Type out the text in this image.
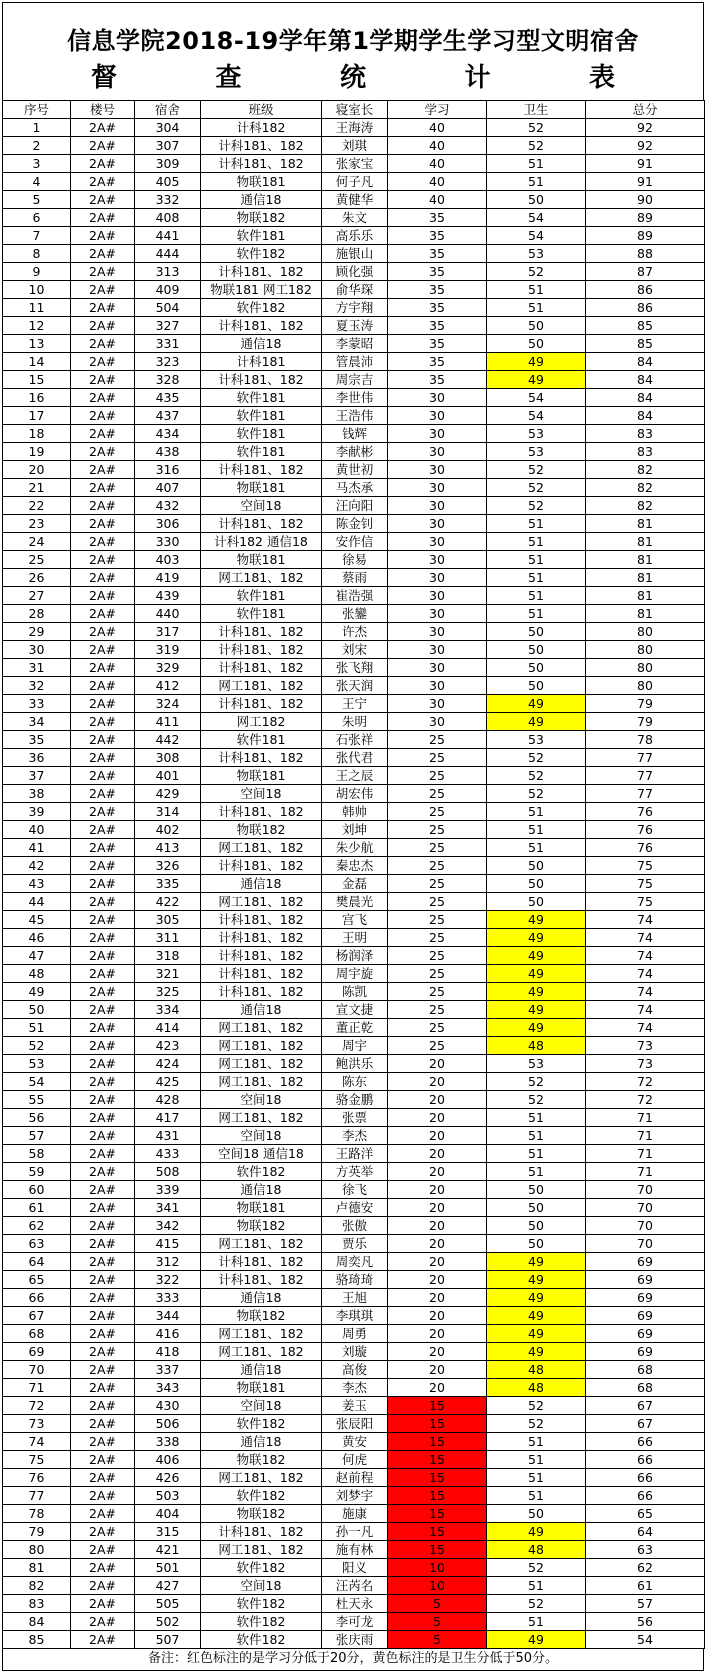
信息学院2018-19学年第1学期学生学习型文明宿舍
督	查	统	计	表
序号	楼号	宿舍	班级	寝室长	学习	卫生	总分
1	2A#	304	计科182	王海涛	40	52	92
2	2A#	307	计科181、182	刘琪	40	52	92
3	2A#	309	计科181、182	张家宝	40	51	91
4	2A#	405	物联181	何子凡	40	51	91
5	2A#	332	通信18	黄健华	40	50	90
6	2A#	408	物联182	朱文	35	54	89
7	2A#	441	软件181	高乐乐	35	54	89
8	2A#	444	软件182	施银山	35	53	88
9	2A#	313	计科181、182	顾化强	35	52	87
10	2A#	409	物联181 网工182	俞华琛	35	51	86
11	2A#	504	软件182	方宇翔	35	51	86
12	2A#	327	计科181、182	夏玉涛	35	50	85
13	2A#	331	通信18	李蒙昭	35	50	85
14	2A#	323	计科181	管晨沛	35	49	84
15	2A#	328	计科181、182	周宗吉	35	49	84
16	2A#	435	软件181	李世伟	30	54	84
17	2A#	437	软件181	王浩伟	30	54	84
18	2A#	434	软件181	钱辉	30	53	83
19	2A#	438	软件181	李献彬	30	53	83
20	2A#	316	计科181、182	黄世初	30	52	82
21	2A#	407	物联181	马杰承	30	52	82
22	2A#	432	空间18	汪向阳	30	52	82
23	2A#	306	计科181、182	陈金钊	30	51	81
24	2A#	330	计科182 通信18	安作信	30	51	81
25	2A#	403	物联181	徐易	30	51	81
26	2A#	419	网工181、182	蔡雨	30	51	81
27	2A#	439	软件181	崔浩强	30	51	81
28	2A#	440	软件181	张鑾	30	51	81
29	2A#	317	计科181、182	许杰	30	50	80
30	2A#	319	计科181、182	刘宋	30	50	80
31	2A#	329	计科181、182	张飞翔	30	50	80
32	2A#	412	网工181、182	张天润	30	50	80
33	2A#	324	计科181、182	王宁	30	49	79
34	2A#	411	网工182	朱明	30	49	79
35	2A#	442	软件181	石张祥	25	53	78
36	2A#	308	计科181、182	张代君	25	52	77
37	2A#	401	物联181	王之辰	25	52	77
38	2A#	429	空间18	胡宏伟	25	52	77
39	2A#	314	计科181、182	韩帅	25	51	76
40	2A#	402	物联182	刘坤	25	51	76
41	2A#	413	网工181、182	朱少航	25	51	76
42	2A#	326	计科181、182	秦忠杰	25	50	75
43	2A#	335	通信18	金磊	25	50	75
44	2A#	422	网工181、182	樊晨光	25	50	75
45	2A#	305	计科181、182	宫飞	25	49	74
46	2A#	311	计科181、182	王明	25	49	74
47	2A#	318	计科181、182	杨润泽	25	49	74
48	2A#	321	计科181、182	周宇旋	25	49	74
49	2A#	325	计科181、182	陈凯	25	49	74
50	2A#	334	通信18	宣文捷	25	49	74
51	2A#	414	网工181、182	董正乾	25	49	74
52	2A#	423	网工181、182	周宇	25	48	73
53	2A#	424	网工181、182	鲍洪乐	20	53	73
54	2A#	425	网工181、182	陈东	20	52	72
55	2A#	428	空间18	骆金鹏	20	52	72
56	2A#	417	网工181、182	张票	20	51	71
57	2A#	431	空间18	李杰	20	51	71
58	2A#	433	空间18 通信18	王路洋	20	51	71
59	2A#	508	软件182	方英举	20	51	71
60	2A#	339	通信18	徐飞	20	50	70
61	2A#	341	物联181	卢德安	20	50	70
62	2A#	342	物联182	张傲	20	50	70
63	2A#	415	网工181、182	贾乐	20	50	70
64	2A#	312	计科181、182	周奕凡	20	49	69
65	2A#	322	计科181、182	骆琦琦	20	49	69
66	2A#	333	通信18	王旭	20	49	69
67	2A#	344	物联182	李琪琪	20	49	69
68	2A#	416	网工181、182	周勇	20	49	69
69	2A#	418	网工181、182	刘璇	20	49	69
70	2A#	337	通信18	高俊	20	48	68
71	2A#	343	物联181	李杰	20	48	68
72	2A#	430	空间18	姜玉	15	52	67
73	2A#	506	软件182	张辰阳	15	52	67
74	2A#	338	通信18	黄安	15	51	66
75	2A#	406	物联182	何虎	15	51	66
76	2A#	426	网工181、182	赵前程	15	51	66
77	2A#	503	软件182	刘梦宇	15	51	66
78	2A#	404	物联182	施康	15	50	65
79	2A#	315	计科181、182	孙一凡	15	49	64
80	2A#	421	网工181、182	施有林	15	48	63
81	2A#	501	软件182	阳义	10	52	62
82	2A#	427	空间18	汪芮名	10	51	61
83	2A#	505	软件182	杜天永	5	52	57
84	2A#	502	软件182	李可龙	5	51	56
85	2A#	507	软件182	张庆雨	5	49	54
备注：红色标注的是学习分低于20分，黄色标注的是卫生分低于50分。
